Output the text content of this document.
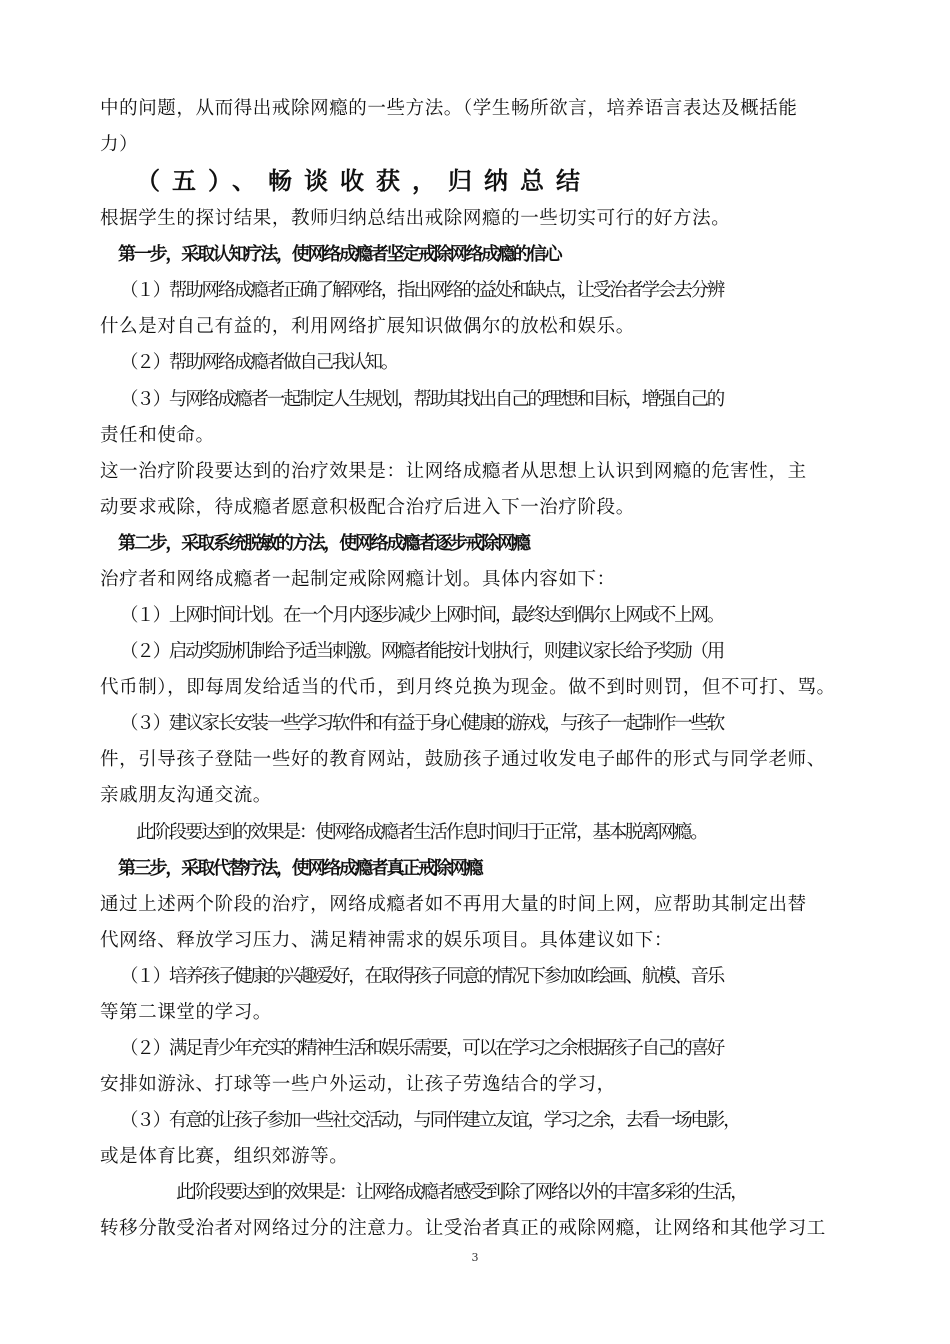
中的问题，从而得出戒除网瘾的一些方法。（学生畅所欲言，培养语言表达及概括能
力）
（五）、畅谈收获，归纳总结
根据学生的探讨结果，教师归纳总结出戒除网瘾的一些切实可行的好方法。
第一步，采取认知疗法，使网络成瘾者坚定戒除网络成瘾的信心
（１）帮助网络成瘾者正确了解网络，指出网络的益处和缺点，让受治者学会去分辨
什么是对自己有益的，利用网络扩展知识做偶尔的放松和娱乐。
（２）帮助网络成瘾者做自己我认知。
（３）与网络成瘾者一起制定人生规划，帮助其找出自己的理想和目标，增强自己的
责任和使命。
这一治疗阶段要达到的治疗效果是：让网络成瘾者从思想上认识到网瘾的危害性，主
动要求戒除，待成瘾者愿意积极配合治疗后进入下一治疗阶段。
第二步，采取系统脱敏的方法，使网络成瘾者逐步戒除网瘾
治疗者和网络成瘾者一起制定戒除网瘾计划。具体内容如下：
（１）上网时间计划。在一个月内逐步减少上网时间，最终达到偶尔上网或不上网。
（２）启动奖励机制给予适当刺激。网瘾者能按计划执行，则建议家长给予奖励（用
代币制），即每周发给适当的代币，到月终兑换为现金。做不到时则罚，但不可打、骂。
（３）建议家长安装一些学习软件和有益于身心健康的游戏，与孩子一起制作一些软
件，引导孩子登陆一些好的教育网站，鼓励孩子通过收发电子邮件的形式与同学老师、
亲戚朋友沟通交流。
此阶段要达到的效果是：使网络成瘾者生活作息时间归于正常，基本脱离网瘾。
第三步，采取代替疗法，使网络成瘾者真正戒除网瘾
通过上述两个阶段的治疗，网络成瘾者如不再用大量的时间上网，应帮助其制定出替
代网络、释放学习压力、满足精神需求的娱乐项目。具体建议如下：
（１）培养孩子健康的兴趣爱好，在取得孩子同意的情况下参加如绘画、航模、音乐
等第二课堂的学习。
（２）满足青少年充实的精神生活和娱乐需要，可以在学习之余根据孩子自己的喜好
安排如游泳、打球等一些户外运动，让孩子劳逸结合的学习，
（３）有意的让孩子参加一些社交活动，与同伴建立友谊，学习之余，去看一场电影，
或是体育比赛，组织郊游等。
此阶段要达到的效果是：让网络成瘾者感受到除了网络以外的丰富多彩的生活，
转移分散受治者对网络过分的注意力。让受治者真正的戒除网瘾，让网络和其他学习工
3
